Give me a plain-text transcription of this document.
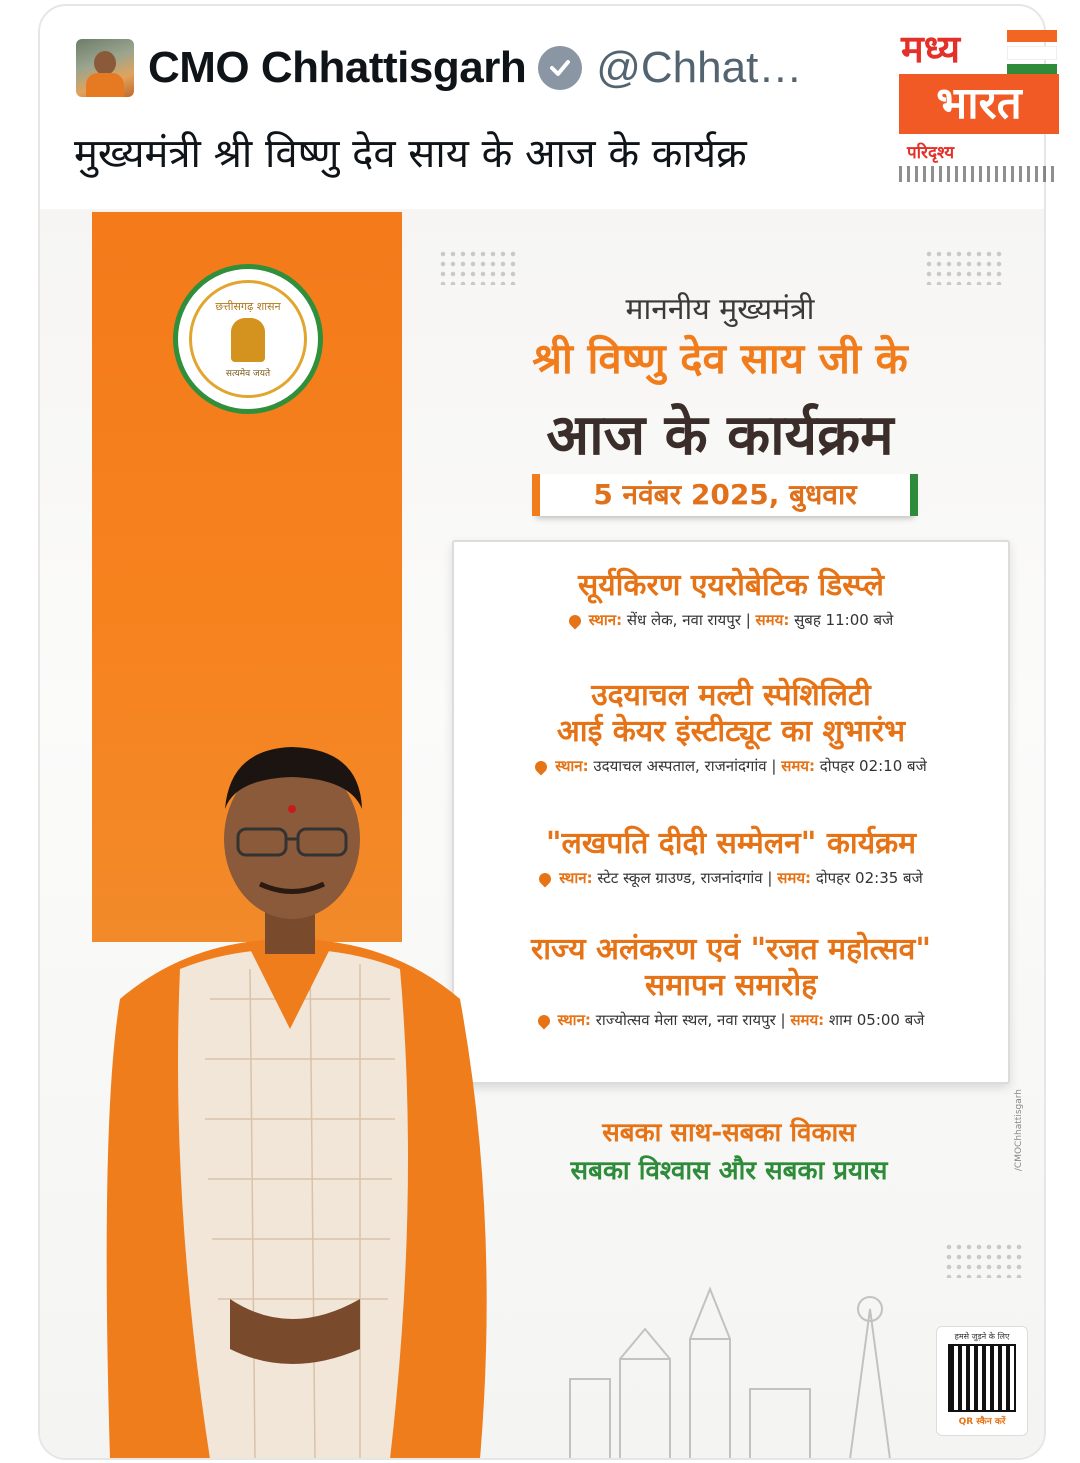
CMO Chhattisgarh @Chhat…
मुख्यमंत्री श्री विष्णु देव साय के आज के कार्यक्र
छत्तीसगढ़ शासन
सत्यमेव जयते
माननीय मुख्यमंत्री
श्री विष्णु देव साय जी के
आज के कार्यक्रम
5 नवंबर 2025, बुधवार
सूर्यकिरण एयरोबेटिक डिस्प्ले
स्थान: सेंध लेक, नवा रायपुर | समय: सुबह 11:00 बजे
उदयाचल मल्टी स्पेशिलिटी
आई केयर इंस्टीट्यूट का शुभारंभ
स्थान: उदयाचल अस्पताल, राजनांदगांव | समय: दोपहर 02:10 बजे
"लखपति दीदी सम्मेलन" कार्यक्रम
स्थान: स्टेट स्कूल ग्राउण्ड, राजनांदगांव | समय: दोपहर 02:35 बजे
राज्य अलंकरण एवं "रजत महोत्सव"
समापन समारोह
स्थान: राज्योत्सव मेला स्थल, नवा रायपुर | समय: शाम 05:00 बजे
सबका साथ-सबका विकास
सबका विश्वास और सबका प्रयास	/CMOChhattisgarh
हमसे जुड़ने के लिए
QR स्कैन करें
मध्य
भारत
परिदृश्य
